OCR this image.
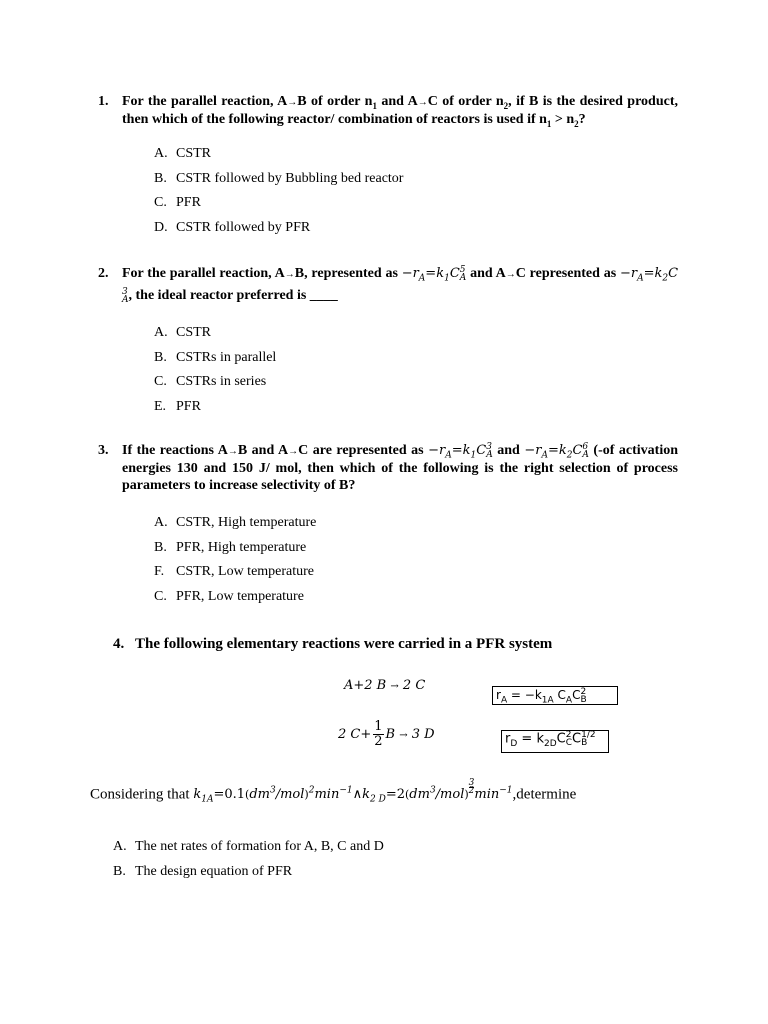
1. For the parallel reaction, A→B of order $n_1$ and A→C of order $n_2$, if B is the desired product, then which of the following reactor/ combination of reactors is used if $n_1 > n_2$?
A. CSTR
B. CSTR followed by Bubbling bed reactor
C. PFR
D. CSTR followed by PFR
2. For the parallel reaction, A→B, represented as $-r_A=k_1C$ 5
A and A→C represented as $-r_A=k_2C$
3
A , the ideal reactor preferred is ____
A. CSTR
B. CSTRs in parallel
C. CSTRs in series
E. PFR
3. If the reactions A→B and A→C are represented as $-r_A=k_1C$ 3
A and $-r_A=k_2C$ 6
A (-of activation energies 130 and 150 J/ mol, then which of the following is the right selection of process parameters to increase selectivity of B?
A. CSTR, High temperature
B. PFR, High temperature
F. CSTR, Low temperature
C. PFR, Low temperature
4. The following elementary reactions were carried in a PFR system
A+2 B → 2 C
$r_A = -k_{1A}$ $C_AC$ 2
B
2 $C+ \frac{1}{2}$ B → 3 D	$r_D = k_{2D}C$ 2
C C 1/2
B
Considering that $k_{1A}=0.1(dm^3/mol)^2\min^{-1}\wedge k_{2 D}=2(dm^3/mol) \frac{3}{2}$ $\min^{-1},determine$
A. The net rates of formation for A, B, C and D
B. The design equation of PFR
